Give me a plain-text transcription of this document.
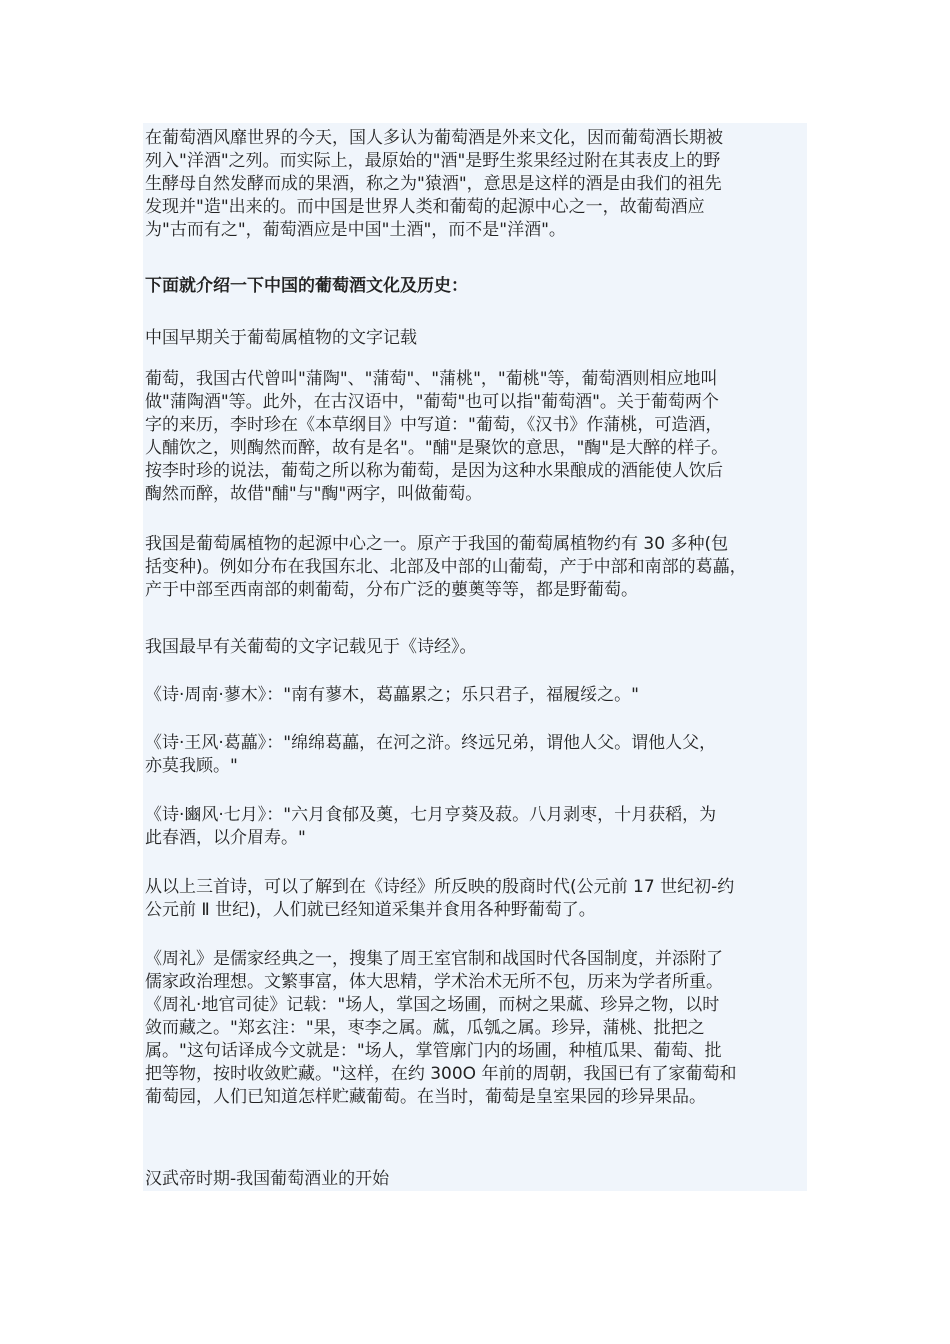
在葡萄酒风靡世界的今天，国人多认为葡萄酒是外来文化，因而葡萄酒长期被
列入"洋酒"之列。而实际上，最原始的"酒"是野生浆果经过附在其表皮上的野
生酵母自然发酵而成的果酒，称之为"猿酒"，意思是这样的酒是由我们的祖先
发现并"造"出来的。而中国是世界人类和葡萄的起源中心之一，故葡萄酒应
为"古而有之"，葡萄酒应是中国"土酒"，而不是"洋酒"。

下面就介绍一下中国的葡萄酒文化及历史：

中国早期关于葡萄属植物的文字记载

葡萄，我国古代曾叫"蒲陶"、"蒲萄"、"蒲桃"，"葡桃"等，葡萄酒则相应地叫
做"蒲陶酒"等。此外，在古汉语中，"葡萄"也可以指"葡萄酒"。关于葡萄两个
字的来历，李时珍在《本草纲目》中写道："葡萄，《汉书》作蒲桃，可造酒，
人酺饮之，则醄然而醉，故有是名"。"酺"是聚饮的意思，"醄"是大醉的样子。
按李时珍的说法，葡萄之所以称为葡萄，是因为这种水果酿成的酒能使人饮后
醄然而醉，故借"酺"与"醄"两字，叫做葡萄。

我国是葡萄属植物的起源中心之一。原产于我国的葡萄属植物约有 30 多种(包
括变种)。例如分布在我国东北、北部及中部的山葡萄，产于中部和南部的葛藟，
产于中部至西南部的刺葡萄，分布广泛的蘡薁等等，都是野葡萄。

我国最早有关葡萄的文字记载见于《诗经》。

《诗·周南·蓼木》："南有蓼木，葛藟累之；乐只君子，福履绥之。"

《诗·王风·葛藟》："绵绵葛藟，在河之浒。终远兄弟，谓他人父。谓他人父，
亦莫我顾。"

《诗·豳风·七月》："六月食郁及薁，七月亨葵及菽。八月剥枣，十月获稻，为
此春酒，以介眉寿。"

从以上三首诗，可以了解到在《诗经》所反映的殷商时代(公元前 17 世纪初-约
公元前 Ⅱ 世纪)，人们就已经知道采集并食用各种野葡萄了。

《周礼》是儒家经典之一，搜集了周王室官制和战国时代各国制度，并添附了
儒家政治理想。文繁事富，体大思精，学术治术无所不包，历来为学者所重。
《周礼·地官司徒》记载："场人，掌国之场圃，而树之果蓏、珍异之物，以时
敛而藏之。"郑玄注："果，枣李之属。蓏，瓜瓠之属。珍异，蒲桃、批把之
属。"这句话译成今文就是："场人，掌管廓门内的场圃，种植瓜果、葡萄、批
把等物，按时收敛贮藏。"这样，在约 300O 年前的周朝，我国已有了家葡萄和
葡萄园，人们已知道怎样贮藏葡萄。在当时，葡萄是皇室果园的珍异果品。

汉武帝时期-我国葡萄酒业的开始
